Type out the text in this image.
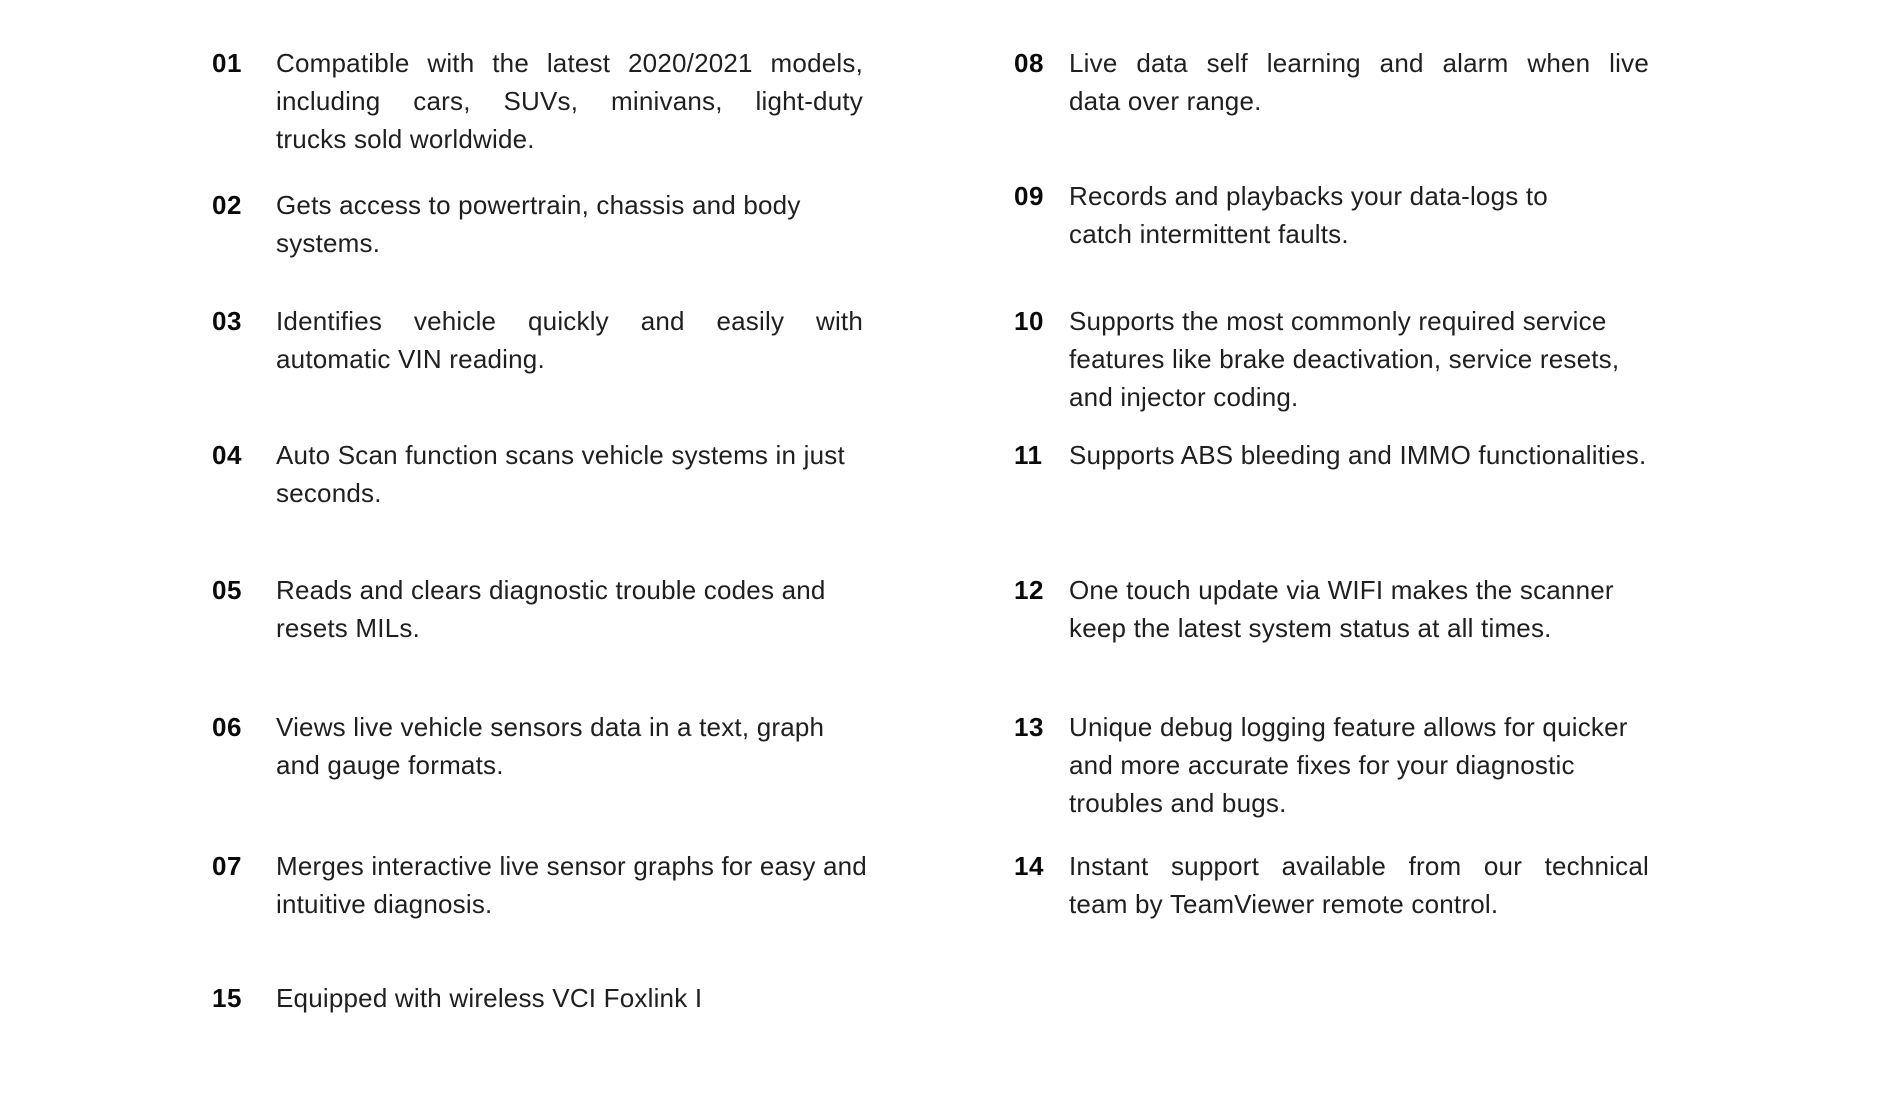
01	Compatible with the latest 2020/2021 models,
including cars, SUVs, minivans, light-duty
trucks sold worldwide.
02	Gets access to powertrain, chassis and body
systems.
03	Identifies vehicle quickly and easily with
automatic VIN reading.
04	Auto Scan function scans vehicle systems in just
seconds.
05	Reads and clears diagnostic trouble codes and
resets MILs.
06	Views live vehicle sensors data in a text, graph
and gauge formats.
07	Merges interactive live sensor graphs for easy and
intuitive diagnosis.
15	Equipped with wireless VCI Foxlink I
08 Live data self learning and alarm when live
data over range.
09 Records and playbacks your data-logs to
catch intermittent faults.
10 Supports the most commonly required service
features like brake deactivation, service resets,
and injector coding.
11	Supports ABS bleeding and IMMO functionalities.
12 One touch update via WIFI makes the scanner
keep the latest system status at all times.
13 Unique debug logging feature allows for quicker
and more accurate fixes for your diagnostic
troubles and bugs.
14 Instant support available from our technical
team by TeamViewer remote control.
